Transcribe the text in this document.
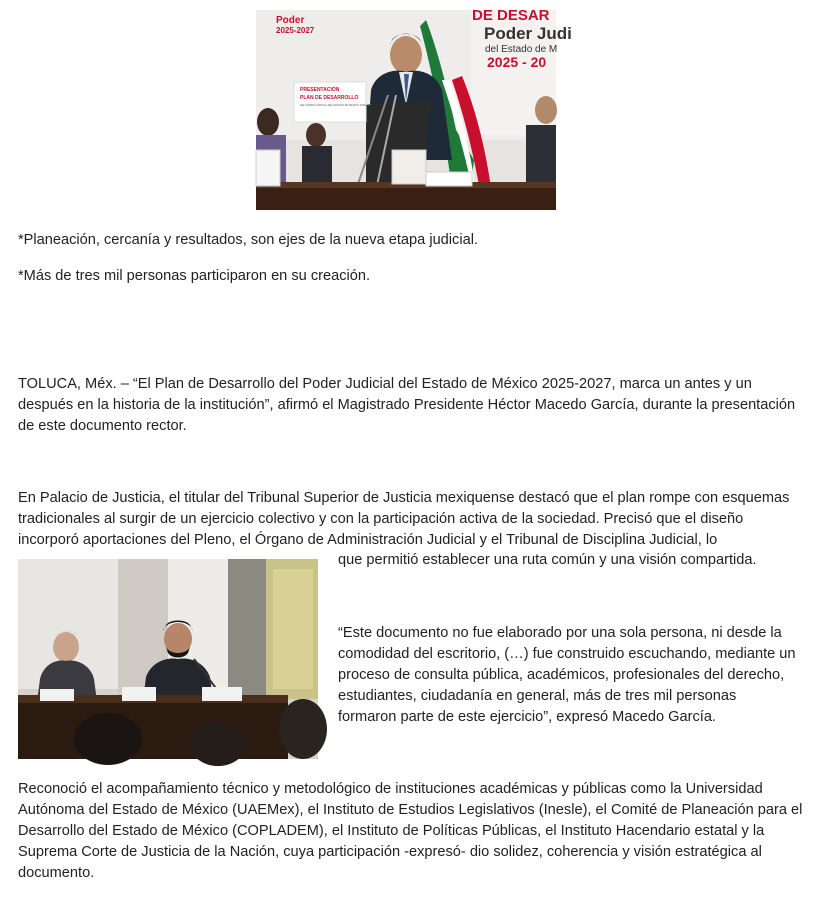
Poder
2025-2027
DE DESAR
Poder Judi
del Estado de M
2025 - 20
PRESENTACIÓN
PLAN DE DESARROLLO
DEL PODER JUDICIAL DEL ESTADO DE MÉXICO 2025-2027

*Planeación, cercanía y resultados, son ejes de la nueva etapa judicial.

*Más de tres mil personas participaron en su creación.

TOLUCA, Méx. – “El Plan de Desarrollo del Poder Judicial del Estado de México 2025-2027, marca un antes y un después en la historia de la institución”, afirmó el Magistrado Presidente Héctor Macedo García, durante la presentación de este documento rector.

En Palacio de Justicia, el titular del Tribunal Superior de Justicia mexiquense destacó que el plan rompe con esquemas tradicionales al surgir de un ejercicio colectivo y con la participación activa de la sociedad. Precisó que el diseño incorporó aportaciones del Pleno, el Órgano de Administración Judicial y el Tribunal de Disciplina Judicial, lo

que permitió establecer una ruta común y una visión compartida.

“Este documento no fue elaborado por una sola persona, ni desde la comodidad del escritorio, (…) fue construido escuchando, mediante un proceso de consulta pública, académicos, profesionales del derecho, estudiantes, ciudadanía en general, más de tres mil personas formaron parte de este ejercicio”, expresó Macedo García.

Reconoció el acompañamiento técnico y metodológico de instituciones académicas y públicas como la Universidad Autónoma del Estado de México (UAEMex), el Instituto de Estudios Legislativos (Inesle), el Comité de Planeación para el Desarrollo del Estado de México (COPLADEM), el Instituto de Políticas Públicas, el Instituto Hacendario estatal y la Suprema Corte de Justicia de la Nación, cuya participación -expresó- dio solidez, coherencia y visión estratégica al documento.
